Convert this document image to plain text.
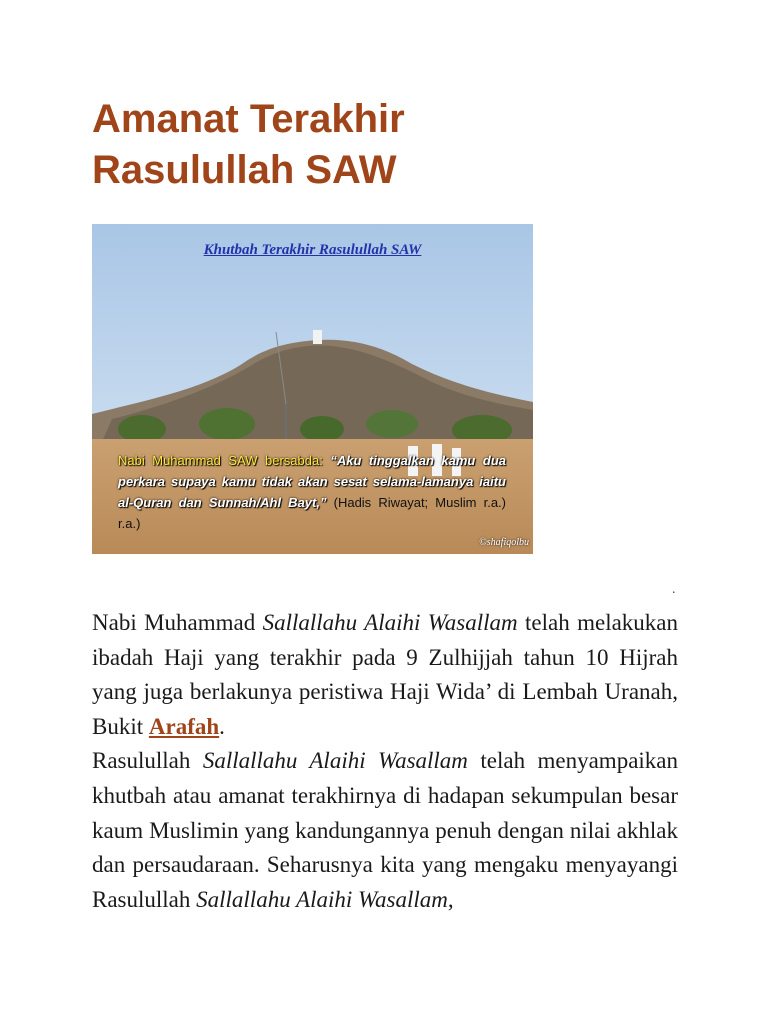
Amanat Terakhir
Rasulullah SAW
Khutbah Terakhir Rasulullah SAW
Nabi Muhammad SAW bersabda: “Aku tinggalkan kamu dua perkara supaya kamu tidak akan sesat selama-lamanya iaitu al-Quran dan Sunnah/Ahl Bayt,” (Hadis Riwayat; Muslim r.a.) r.a.)
©shafiqolbu
.

Nabi Muhammad Sallallahu Alaihi Wasallam telah melakukan ibadah Haji yang terakhir pada 9 Zulhijjah tahun 10 Hijrah yang juga berlakunya peristiwa Haji Wida’ di Lembah Uranah, Bukit Arafah.

Rasulullah Sallallahu Alaihi Wasallam telah menyampaikan khutbah atau amanat terakhirnya di hadapan sekumpulan besar kaum Muslimin yang kandungannya penuh dengan nilai akhlak dan persaudaraan. Seharusnya kita yang mengaku menyayangi Rasulullah Sallallahu Alaihi Wasallam,
